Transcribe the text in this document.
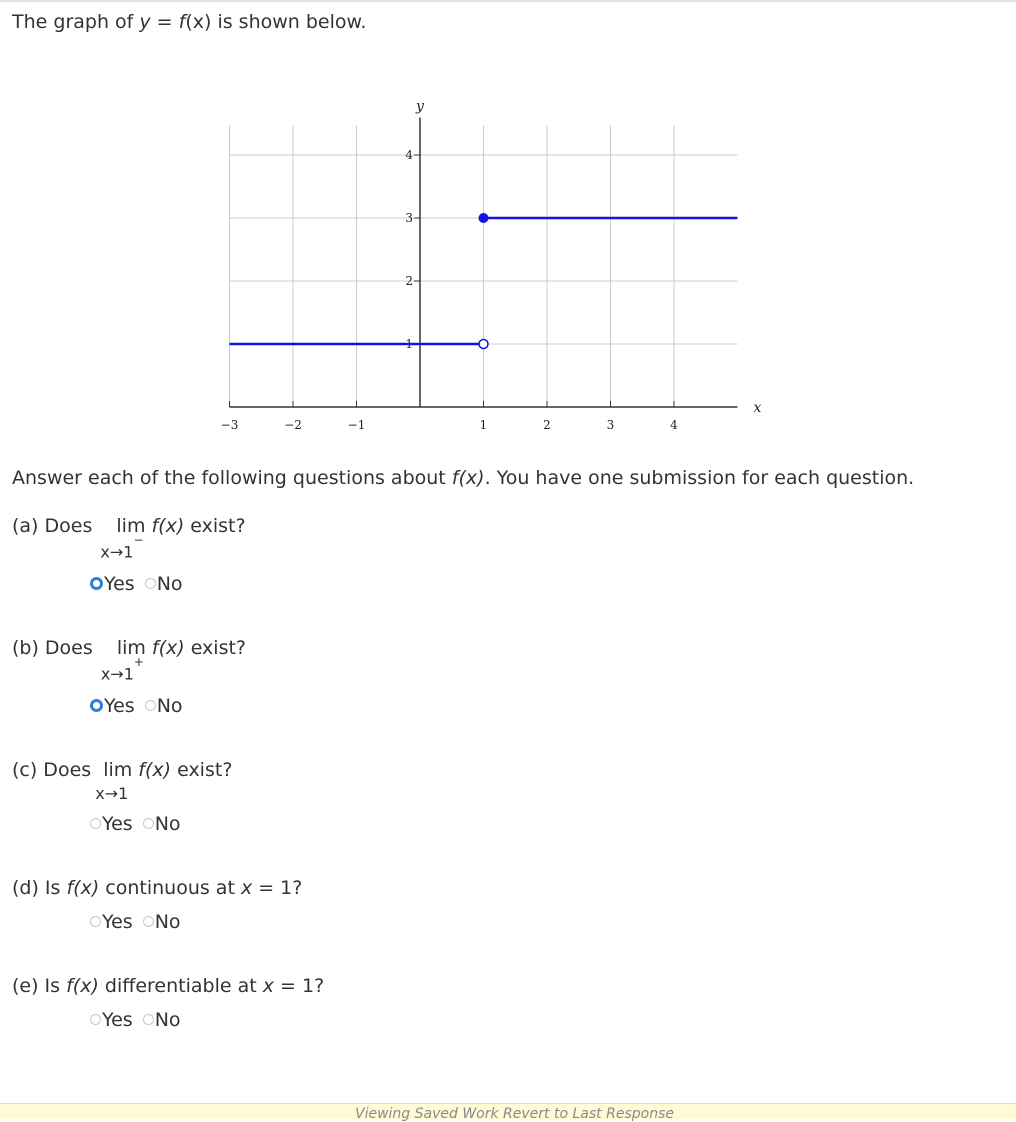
The graph of y = f(x) is shown below.
−3	−2	−1	1	2	3	4
1
2
3
4
x
y
Answer each of the following questions about f(x). You have one submission for each question.
(a) Does lim
x→1−
f(x) exist?
Yes No
(b) Does lim
x→1+
f(x) exist?
Yes No
(c) Does lim
x→1
f(x) exist?
Yes No
(d) Is f(x) continuous at x = 1?
Yes No
(e) Is f(x) differentiable at x = 1?
Yes No
Viewing Saved Work Revert to Last Response
